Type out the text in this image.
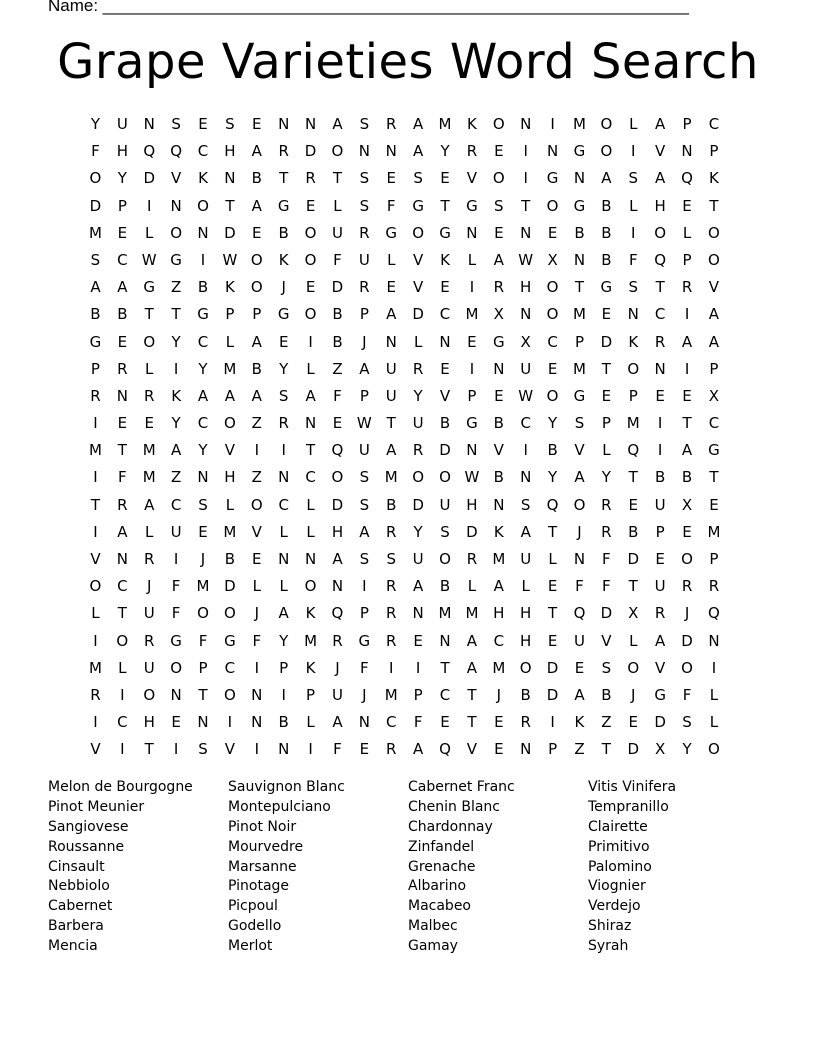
Name: ______________________________________________________________
Grape Varieties Word Search
Y	U	N	S	E	S	E	N	N	A	S	R	A	M	K	O	N	I	M O	L	A	P	C
F	H	Q	Q	C	H	A	R	D	O	N	N	A	Y	R	E	I	N	G	O	I	V	N	P
O	Y	D	V	K	N	B	T	R	T	S	E	S	E	V	O	I	G	N	A	S	A	Q	K
D	P	I	N	O	T	A	G	E	L	S	F	G	T	G	S	T	O	G	B	L	H	E	T
M	E	L	O	N	D	E	B	O	U	R	G	O	G	N	E	N	E	B	B	I	O	L	O
S	C W G	I	W O	K	O	F	U	L	V	K	L	A W X	N	B	F	Q	P	O
A	A	G	Z	B	K	O	J	E	D	R	E	V	E	I	R	H	O	T	G	S	T	R	V
B	B	T	T	G	P	P	G	O	B	P	A	D	C	M	X	N	O M	E	N	C	I	A
G	E	O	Y	C	L	A	E	I	B	J	N	L	N	E	G	X	C	P	D	K	R	A	A
P	R	L	I	Y	M	B	Y	L	Z	A	U	R	E	I	N	U	E	M	T	O	N	I	P
R	N	R	K	A	A	A	S	A	F	P	U	Y	V	P	E W O	G	E	P	E	E	X
I	E	E	Y	C	O	Z	R	N	E W T	U	B	G	B	C	Y	S	P	M	I	T	C
M	T	M	A	Y	V	I	I	T	Q	U	A	R	D	N	V	I	B	V	L	Q	I	A	G
I	F	M	Z	N	H	Z	N	C	O	S	M O	O W B	N	Y	A	Y	T	B	B	T
T	R	A	C	S	L	O	C	L	D	S	B	D	U	H	N	S	Q	O	R	E	U	X	E
I	A	L	U	E	M	V	L	L	H	A	R	Y	S	D	K	A	T	J	R	B	P	E	M
V	N	R	I	J	B	E	N	N	A	S	S	U	O	R	M U	L	N	F	D	E	O	P
O	C	J	F	M D	L	L	O	N	I	R	A	B	L	A	L	E	F	F	T	U	R	R
L	T	U	F	O	O	J	A	K	Q	P	R	N M M H	H	T	Q	D	X	R	J	Q
I	O	R	G	F	G	F	Y	M	R	G	R	E	N	A	C	H	E	U	V	L	A	D	N
M	L	U	O	P	C	I	P	K	J	F	I	I	T	A	M O	D	E	S	O	V	O	I
R	I	O	N	T	O	N	I	P	U	J	M	P	C	T	J	B	D	A	B	J	G	F	L
I	C	H	E	N	I	N	B	L	A	N	C	F	E	T	E	R	I	K	Z	E	D	S	L
V	I	T	I	S	V	I	N	I	F	E	R	A	Q	V	E	N	P	Z	T	D	X	Y	O
Melon de Bourgogne
Pinot Meunier
Sangiovese
Roussanne
Cinsault
Nebbiolo
Cabernet
Barbera
Mencia
Sauvignon Blanc
Montepulciano
Pinot Noir
Mourvedre
Marsanne
Pinotage
Picpoul
Godello
Merlot
Cabernet Franc
Chenin Blanc
Chardonnay
Zinfandel
Grenache
Albarino
Macabeo
Malbec
Gamay
Vitis Vinifera
Tempranillo
Clairette
Primitivo
Palomino
Viognier
Verdejo
Shiraz
Syrah
